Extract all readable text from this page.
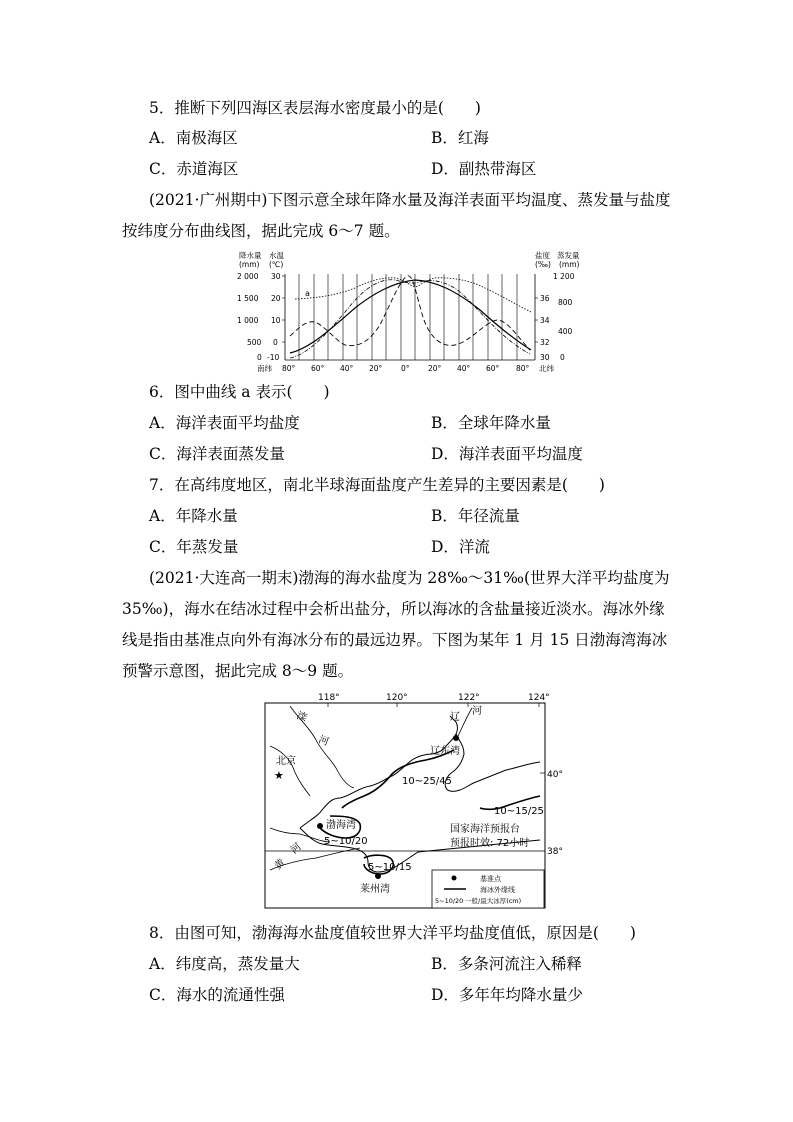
5．推断下列四海区表层海水密度最小的是(　　)
A．南极海区	B．红海
C．赤道海区	D．副热带海区
(2021·广州期中)下图示意全球年降水量及海洋表面平均温度、蒸发量与盐度
按纬度分布曲线图，据此完成 6～7 题。
降水量
(mm)
水温
(℃)
盐度
(‰)
蒸发量
(mm)
2 000
1 500
1 000
500
0
30
20
10
0
-10
36
34
32
30
1 200
800
400
0
南纬 80° 60° 40° 20° 0° 20° 40° 60° 80° 北纬
a
6．图中曲线 a 表示(　　)
A．海洋表面平均盐度	B．全球年降水量
C．海洋表面蒸发量	D．海洋表面平均温度
7．在高纬度地区，南北半球海面盐度产生差异的主要因素是(　　)
A．年降水量	B．年径流量
C．年蒸发量	D．洋流
(2021·大连高一期末)渤海的海水盐度为 28‰～31‰(世界大洋平均盐度为
35‰)，海水在结冰过程中会析出盐分，所以海冰的含盐量接近淡水。海冰外缘
线是指由基准点向外有海冰分布的最远边界。下图为某年 1 月 15 日渤海湾海冰
预警示意图，据此完成 8～9 题。
118°	120°	122°	124°
38°
40°
★
滦
河
辽
河
黄
河
北京
辽东湾
渤海湾
莱州湾
10~25/45
10~15/25
5~10/20
5~10/15
国家海洋预报台
预报时效: 72小时
基准点
海冰外缘线
5~10/20 一般/最大冰厚(cm)
8．由图可知，渤海海水盐度值较世界大洋平均盐度值低，原因是(　　)
A．纬度高，蒸发量大	B．多条河流注入稀释
C．海水的流通性强	D．多年年均降水量少
